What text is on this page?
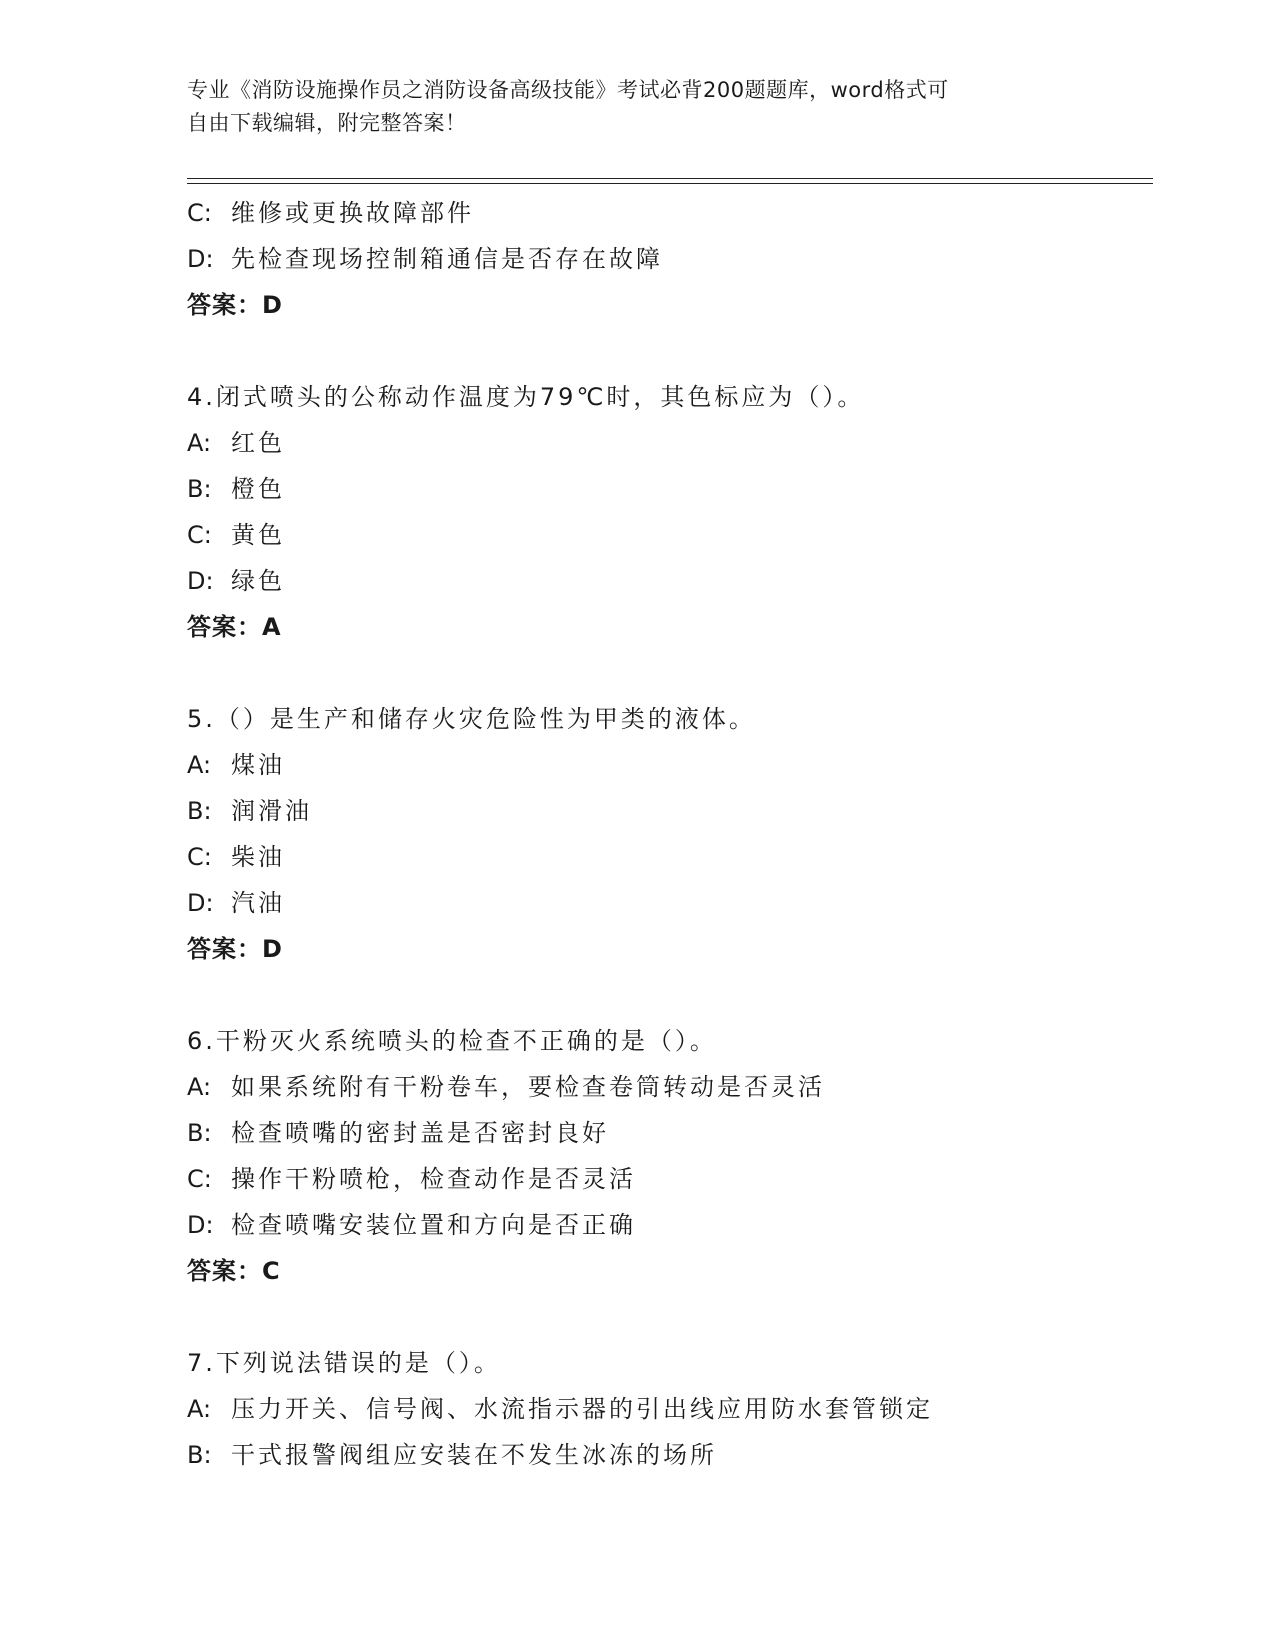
专业《消防设施操作员之消防设备高级技能》考试必背200题题库，word格式可
自由下载编辑，附完整答案！
C: 维修或更换故障部件
D: 先检查现场控制箱通信是否存在故障
答案：D
4.闭式喷头的公称动作温度为79℃时，其色标应为（）。
A: 红色
B: 橙色
C: 黄色
D: 绿色
答案：A
5.（）是生产和储存火灾危险性为甲类的液体。
A: 煤油
B: 润滑油
C: 柴油
D: 汽油
答案：D
6.干粉灭火系统喷头的检查不正确的是（）。
A: 如果系统附有干粉卷车，要检查卷筒转动是否灵活
B: 检查喷嘴的密封盖是否密封良好
C: 操作干粉喷枪，检查动作是否灵活
D: 检查喷嘴安装位置和方向是否正确
答案：C
7.下列说法错误的是（）。
A: 压力开关、信号阀、水流指示器的引出线应用防水套管锁定
B: 干式报警阀组应安装在不发生冰冻的场所
